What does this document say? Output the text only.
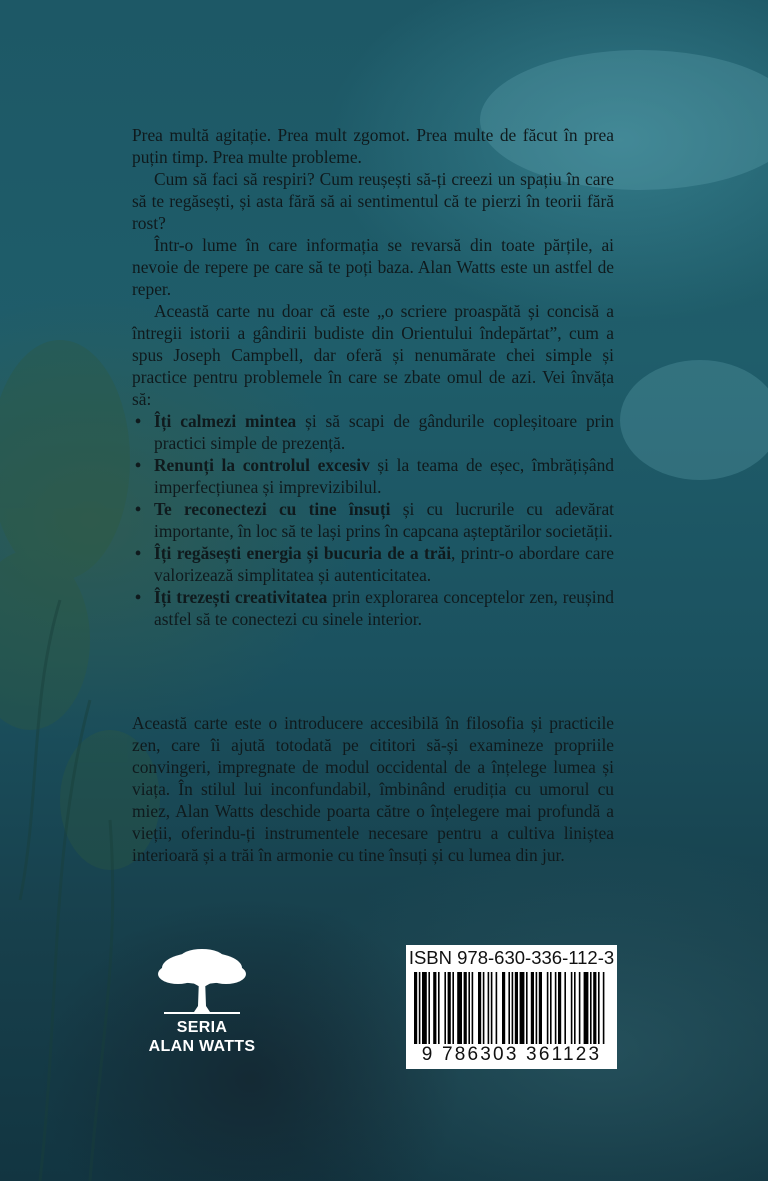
Prea multă agitație. Prea mult zgomot. Prea multe de făcut în prea puțin timp. Prea multe probleme.

Cum să faci să respiri? Cum reușești să-ți creezi un spațiu în care să te regăsești, și asta fără să ai sentimentul că te pierzi în teorii fără rost?

Într-o lume în care informația se revarsă din toate părțile, ai nevoie de repere pe care să te poți baza. Alan Watts este un astfel de reper.

Această carte nu doar că este „o scriere proaspătă și concisă a întregii istorii a gândirii budiste din Orientului îndepărtat”, cum a spus Joseph Campbell, dar oferă și nenumărate chei simple și practice pentru problemele în care se zbate omul de azi. Vei învăța să:

• Îți calmezi mintea și să scapi de gândurile copleșitoare prin practici simple de prezență.
• Renunți la controlul excesiv și la teama de eșec, îmbrățișând imperfecțiunea și imprevizibilul.
• Te reconectezi cu tine însuți și cu lucrurile cu adevărat importante, în loc să te lași prins în capcana așteptărilor societății.
• Îți regăsești energia și bucuria de a trăi, printr-o abordare care valorizează simplitatea și autenticitatea.
• Îți trezești creativitatea prin explorarea conceptelor zen, reușind astfel să te conectezi cu sinele interior.

Această carte este o introducere accesibilă în filosofia și practicile zen, care îi ajută totodată pe cititori să-și examineze propriile convingeri, impregnate de modul occidental de a înțelege lumea și viața. În stilul lui inconfundabil, îmbinând erudiția cu umorul cu miez, Alan Watts deschide poarta către o înțelegere mai profundă a vieții, oferindu-ți instrumentele necesare pentru a cultiva liniștea interioară și a trăi în armonie cu tine însuți și cu lumea din jur.

SERIA
ALAN WATTS
ISBN 978-630-336-112-3
9 786303 361123
